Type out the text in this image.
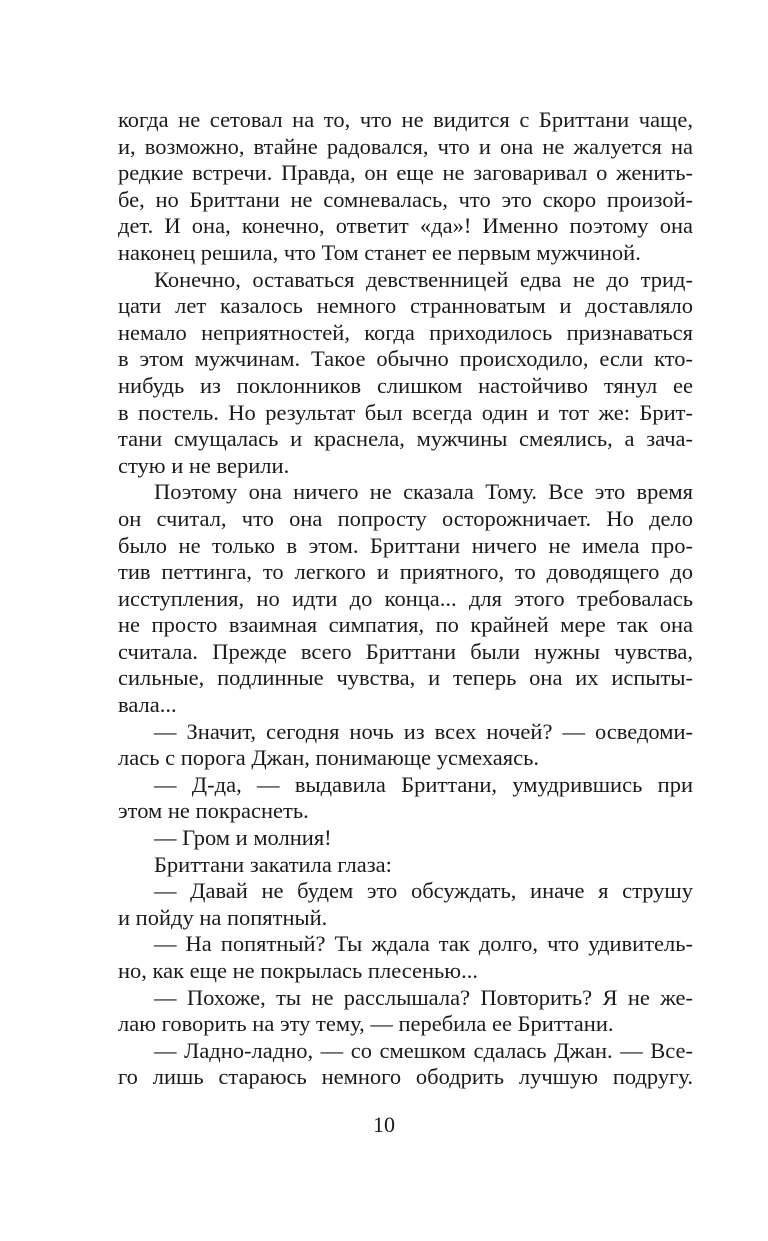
когда не сетовал на то, что не видится с Бриттани чаще,
и, возможно, втайне радовался, что и она не жалуется на
редкие встречи. Правда, он еще не заговаривал о женить-
бе, но Бриттани не сомневалась, что это скоро произой-
дет. И она, конечно, ответит «да»! Именно поэтому она
наконец решила, что Том станет ее первым мужчиной.
Конечно, оставаться девственницей едва не до трид-
цати лет казалось немного странноватым и доставляло
немало неприятностей, когда приходилось признаваться
в этом мужчинам. Такое обычно происходило, если кто-
нибудь из поклонников слишком настойчиво тянул ее
в постель. Но результат был всегда один и тот же: Брит-
тани смущалась и краснела, мужчины смеялись, а зача-
стую и не верили.
Поэтому она ничего не сказала Тому. Все это время
он считал, что она попросту осторожничает. Но дело
было не только в этом. Бриттани ничего не имела про-
тив петтинга, то легкого и приятного, то доводящего до
исступления, но идти до конца... для этого требовалась
не просто взаимная симпатия, по крайней мере так она
считала. Прежде всего Бриттани были нужны чувства,
сильные, подлинные чувства, и теперь она их испыты-
вала...
— Значит, сегодня ночь из всех ночей? — осведоми-
лась с порога Джан, понимающе усмехаясь.
— Д-да, — выдавила Бриттани, умудрившись при
этом не покраснеть.
— Гром и молния!
Бриттани закатила глаза:
— Давай не будем это обсуждать, иначе я струшу
и пойду на попятный.
— На попятный? Ты ждала так долго, что удивитель-
но, как еще не покрылась плесенью...
— Похоже, ты не расслышала? Повторить? Я не же-
лаю говорить на эту тему, — перебила ее Бриттани.
— Ладно-ладно, — со смешком сдалась Джан. — Все-
го лишь стараюсь немного ободрить лучшую подругу.
10
